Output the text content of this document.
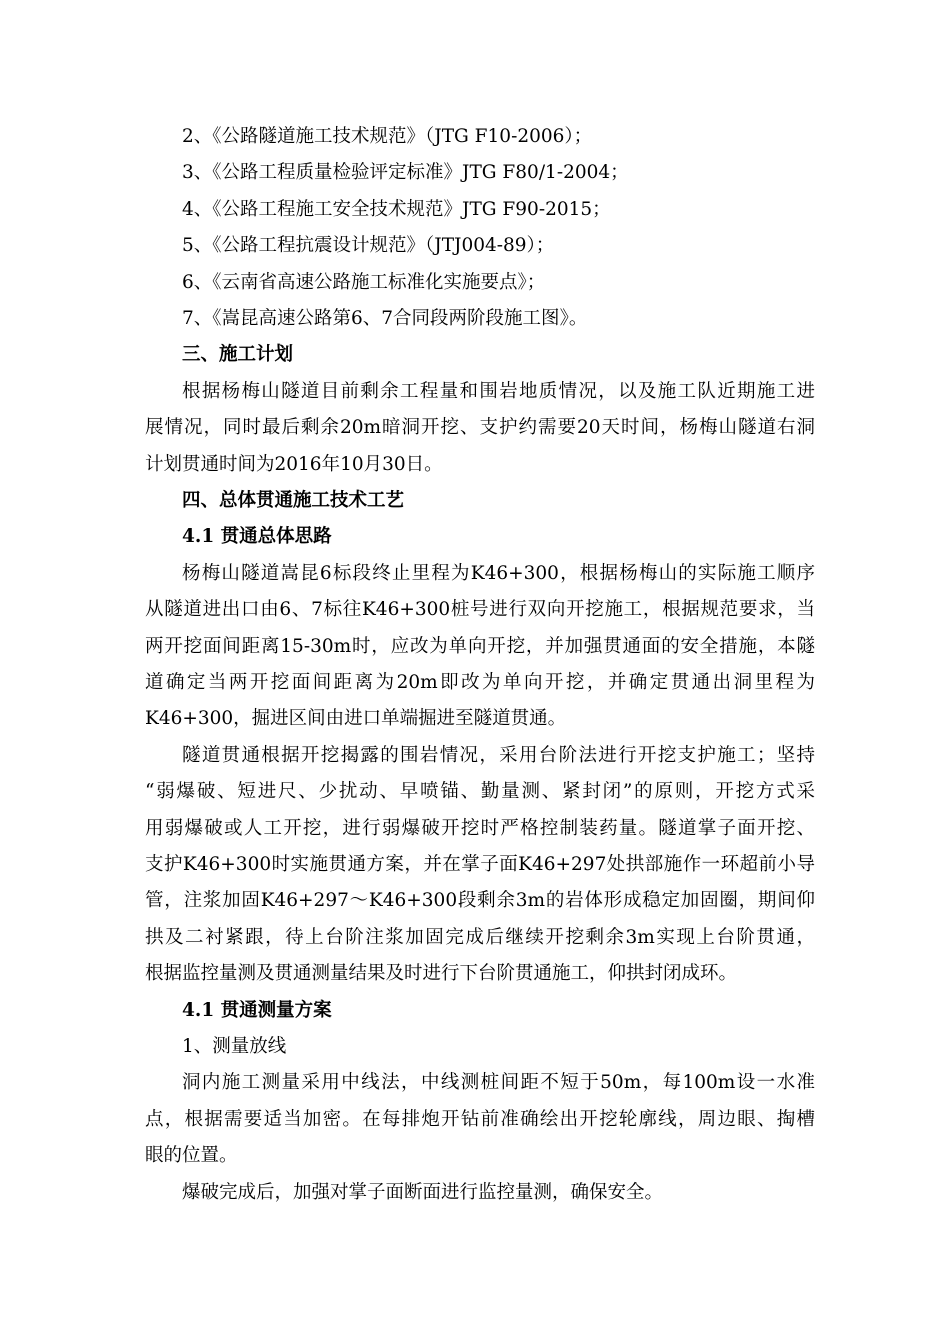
2、《公路隧道施工技术规范》（JTG F10-2006）；
3、《公路工程质量检验评定标准》JTG F80/1-2004；
4、《公路工程施工安全技术规范》JTG F90-2015；
5、《公路工程抗震设计规范》（JTJ004-89）；
6、《云南省高速公路施工标准化实施要点》；
7、《嵩昆高速公路第6、7合同段两阶段施工图》。
三、施工计划
根据杨梅山隧道目前剩余工程量和围岩地质情况，以及施工队近期施工进
展情况，同时最后剩余20m暗洞开挖、支护约需要20天时间，杨梅山隧道右洞
计划贯通时间为2016年10月30日。
四、总体贯通施工技术工艺
4.1 贯通总体思路
杨梅山隧道嵩昆6标段终止里程为K46+300，根据杨梅山的实际施工顺序
从隧道进出口由6、7标往K46+300桩号进行双向开挖施工，根据规范要求，当
两开挖面间距离15-30m时，应改为单向开挖，并加强贯通面的安全措施，本隧
道确定当两开挖面间距离为20m即改为单向开挖，并确定贯通出洞里程为
K46+300，掘进区间由进口单端掘进至隧道贯通。
隧道贯通根据开挖揭露的围岩情况，采用台阶法进行开挖支护施工；坚持
“弱爆破、短进尺、少扰动、早喷锚、勤量测、紧封闭”的原则，开挖方式采
用弱爆破或人工开挖，进行弱爆破开挖时严格控制装药量。隧道掌子面开挖、
支护K46+300时实施贯通方案，并在掌子面K46+297处拱部施作一环超前小导
管，注浆加固K46+297～K46+300段剩余3m的岩体形成稳定加固圈，期间仰
拱及二衬紧跟，待上台阶注浆加固完成后继续开挖剩余3m实现上台阶贯通，
根据监控量测及贯通测量结果及时进行下台阶贯通施工，仰拱封闭成环。
4.1 贯通测量方案
1、测量放线
洞内施工测量采用中线法，中线测桩间距不短于50m，每100m设一水准
点，根据需要适当加密。在每排炮开钻前准确绘出开挖轮廓线，周边眼、掏槽
眼的位置。
爆破完成后，加强对掌子面断面进行监控量测，确保安全。
